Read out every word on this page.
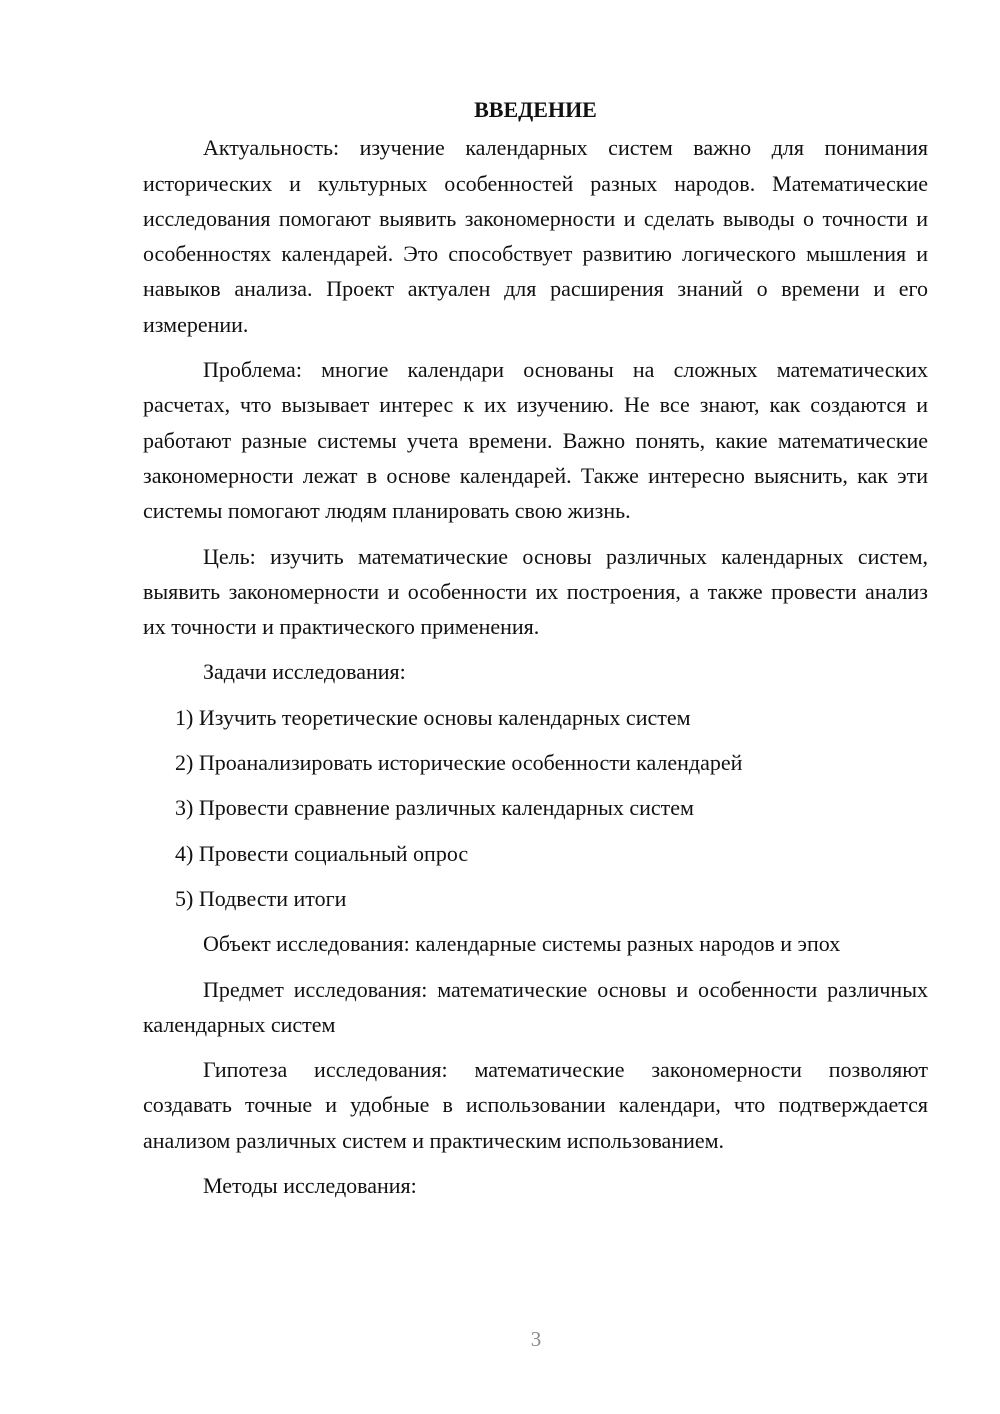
ВВЕДЕНИЕ

Актуальность: изучение календарных систем важно для понимания исторических и культурных особенностей разных народов. Математические исследования помогают выявить закономерности и сделать выводы о точности и особенностях календарей. Это способствует развитию логического мышления и навыков анализа. Проект актуален для расширения знаний о времени и его измерении.

Проблема: многие календари основаны на сложных математических расчетах, что вызывает интерес к их изучению. Не все знают, как создаются и работают разные системы учета времени. Важно понять, какие математические закономерности лежат в основе календарей. Также интересно выяснить, как эти системы помогают людям планировать свою жизнь.

Цель: изучить математические основы различных календарных систем, выявить закономерности и особенности их построения, а также провести анализ их точности и практического применения.

Задачи исследования:

1) Изучить теоретические основы календарных систем

2) Проанализировать исторические особенности календарей

3) Провести сравнение различных календарных систем

4) Провести социальный опрос

5) Подвести итоги

Объект исследования: календарные системы разных народов и эпох

Предмет исследования: математические основы и особенности различных календарных систем

Гипотеза исследования: математические закономерности позволяют создавать точные и удобные в использовании календари, что подтверждается анализом различных систем и практическим использованием.

Методы исследования:

3
